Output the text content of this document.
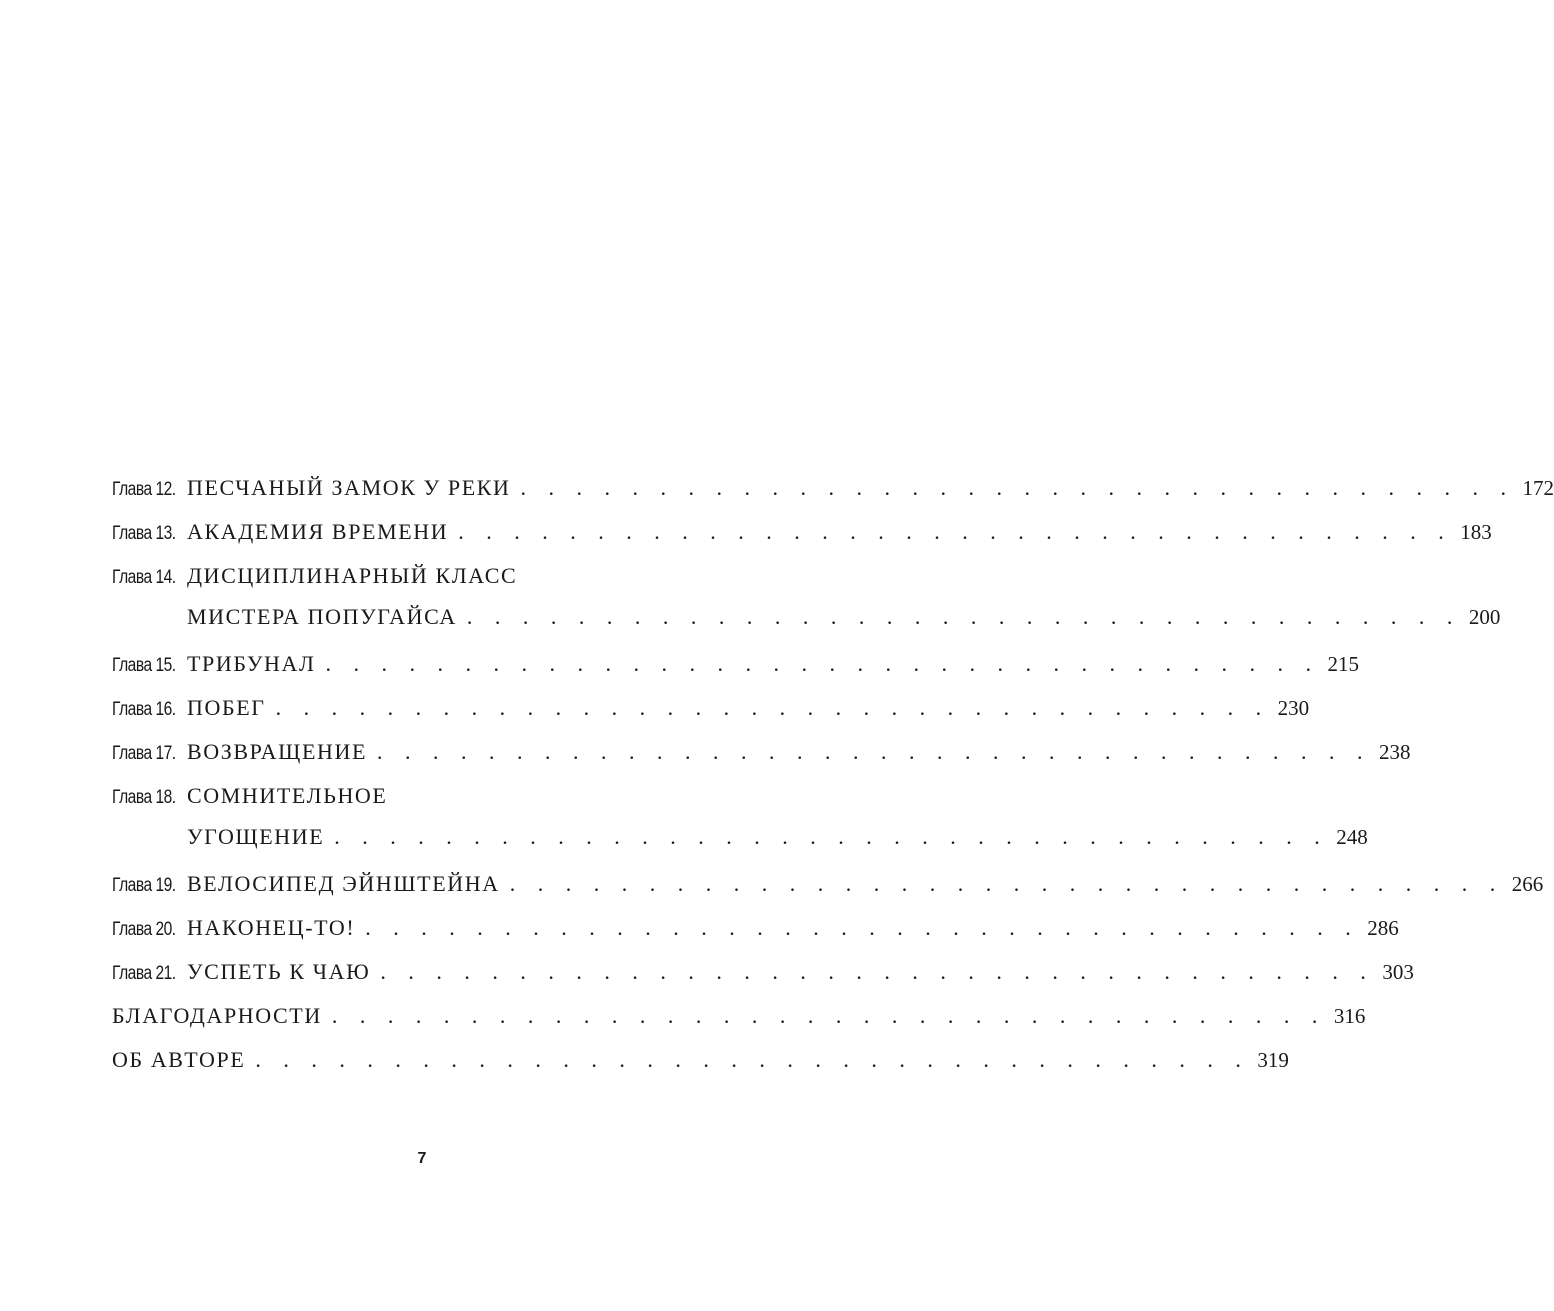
Глава 12. ПЕСЧАНЫЙ ЗАМОК У РЕКИ . . . . . . . . . . . . . . . . . . . . . . . . . . . . . . . . . . . . 172
Глава 13. АКАДЕМИЯ ВРЕМЕНИ . . . . . . . . . . . . . . . . . . . . . . . . . . . . . . . . . . . . 183
Глава 14. ДИСЦИПЛИНАРНЫЙ КЛАСС
МИСТЕРА ПОПУГАЙСА . . . . . . . . . . . . . . . . . . . . . . . . . . . . . . . . . . . . 200
Глава 15. ТРИБУНАЛ . . . . . . . . . . . . . . . . . . . . . . . . . . . . . . . . . . . . 215
Глава 16. ПОБЕГ . . . . . . . . . . . . . . . . . . . . . . . . . . . . . . . . . . . . 230
Глава 17. ВОЗВРАЩЕНИЕ . . . . . . . . . . . . . . . . . . . . . . . . . . . . . . . . . . . . 238
Глава 18. СОМНИТЕЛЬНОЕ
УГОЩЕНИЕ . . . . . . . . . . . . . . . . . . . . . . . . . . . . . . . . . . . . 248
Глава 19. ВЕЛОСИПЕД ЭЙНШТЕЙНА . . . . . . . . . . . . . . . . . . . . . . . . . . . . . . . . . . . . 266
Глава 20. НАКОНЕЦ-ТО! . . . . . . . . . . . . . . . . . . . . . . . . . . . . . . . . . . . . 286
Глава 21. УСПЕТЬ К ЧАЮ . . . . . . . . . . . . . . . . . . . . . . . . . . . . . . . . . . . . 303
БЛАГОДАРНОСТИ . . . . . . . . . . . . . . . . . . . . . . . . . . . . . . . . . . . . 316
ОБ АВТОРЕ . . . . . . . . . . . . . . . . . . . . . . . . . . . . . . . . . . . . 319
7
